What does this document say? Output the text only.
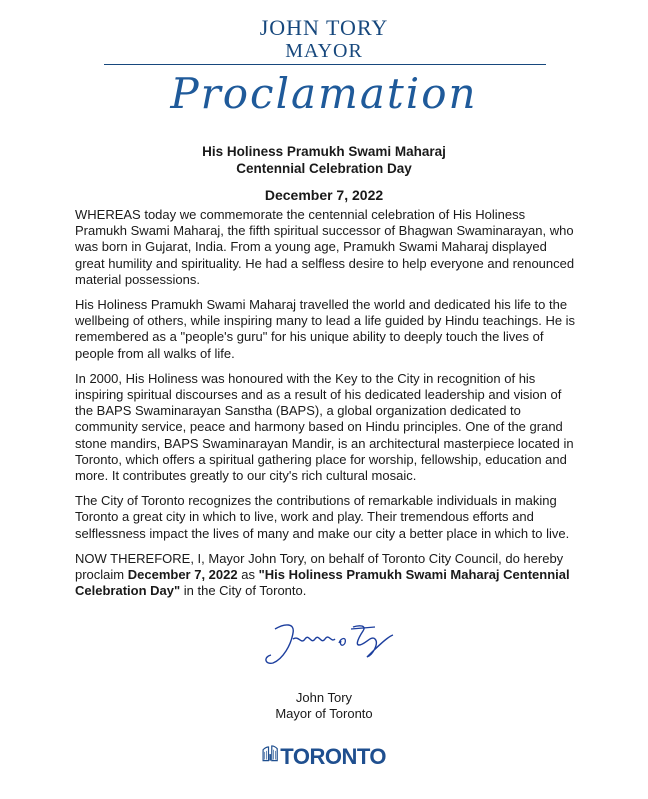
JOHN TORY
MAYOR
Proclamation
His Holiness Pramukh Swami Maharaj
Centennial Celebration Day
December 7, 2022

WHEREAS today we commemorate the centennial celebration of His Holiness Pramukh Swami Maharaj, the fifth spiritual successor of Bhagwan Swaminarayan, who was born in Gujarat, India. From a young age, Pramukh Swami Maharaj displayed great humility and spirituality. He had a selfless desire to help everyone and renounced material possessions.

His Holiness Pramukh Swami Maharaj travelled the world and dedicated his life to the wellbeing of others, while inspiring many to lead a life guided by Hindu teachings. He is remembered as a "people's guru" for his unique ability to deeply touch the lives of people from all walks of life.

In 2000, His Holiness was honoured with the Key to the City in recognition of his inspiring spiritual discourses and as a result of his dedicated leadership and vision of the BAPS Swaminarayan Sanstha (BAPS), a global organization dedicated to community service, peace and harmony based on Hindu principles. One of the grand stone mandirs, BAPS Swaminarayan Mandir, is an architectural masterpiece located in Toronto, which offers a spiritual gathering place for worship, fellowship, education and more. It contributes greatly to our city's rich cultural mosaic.

The City of Toronto recognizes the contributions of remarkable individuals in making Toronto a great city in which to live, work and play. Their tremendous efforts and selflessness impact the lives of many and make our city a better place in which to live.

NOW THEREFORE, I, Mayor John Tory, on behalf of Toronto City Council, do hereby proclaim December 7, 2022 as "His Holiness Pramukh Swami Maharaj Centennial Celebration Day" in the City of Toronto.

John Tory
Mayor of Toronto
TORONTO
